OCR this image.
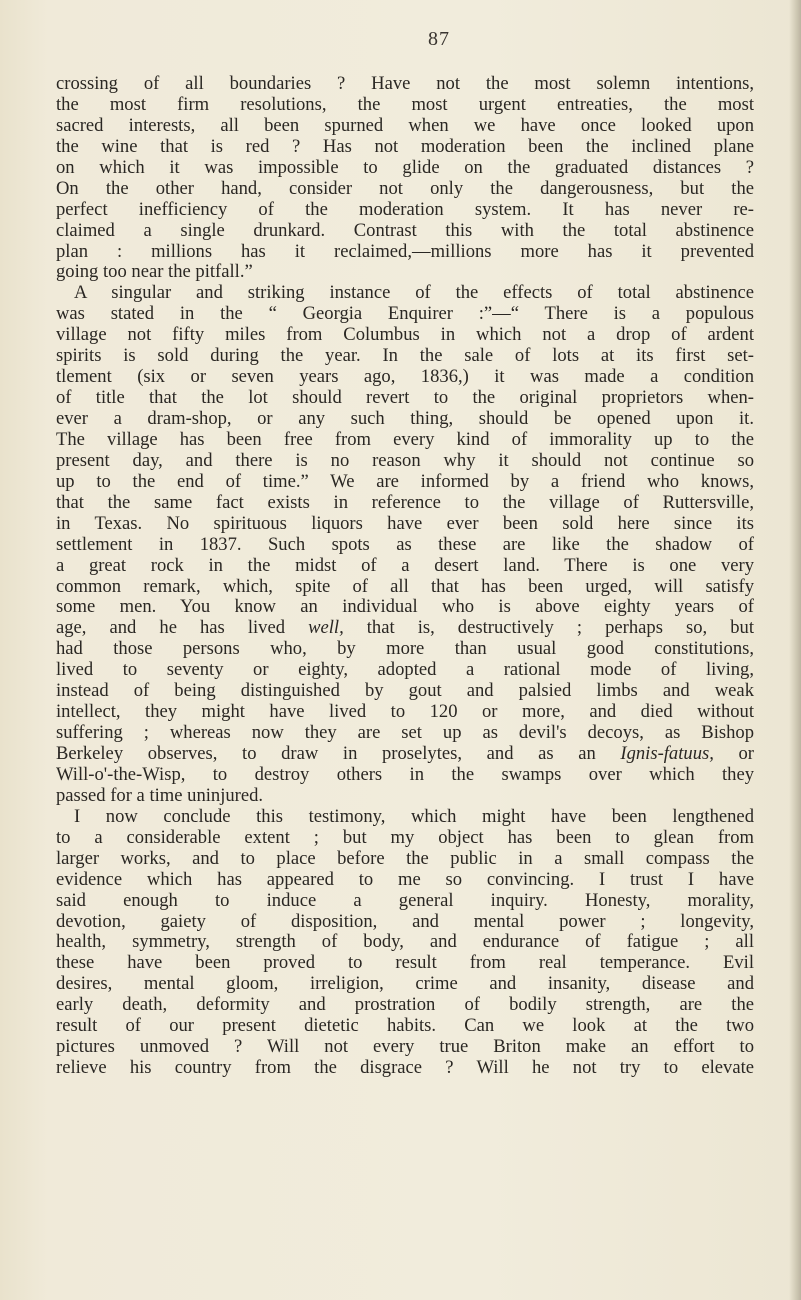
87
crossing of all boundaries ? Have not the most solemn intentions,
the most firm resolutions, the most urgent entreaties, the most
sacred interests, all been spurned when we have once looked upon
the wine that is red ? Has not moderation been the inclined plane
on which it was impossible to glide on the graduated distances ?
On the other hand, consider not only the dangerousness, but the
perfect inefficiency of the moderation system. It has never re-
claimed a single drunkard. Contrast this with the total abstinence
plan : millions has it reclaimed,—millions more has it prevented
going too near the pitfall.”
A singular and striking instance of the effects of total abstinence
was stated in the “ Georgia Enquirer :”—“ There is a populous
village not fifty miles from Columbus in which not a drop of ardent
spirits is sold during the year. In the sale of lots at its first set-
tlement (six or seven years ago, 1836,) it was made a condition
of title that the lot should revert to the original proprietors when-
ever a dram-shop, or any such thing, should be opened upon it.
The village has been free from every kind of immorality up to the
present day, and there is no reason why it should not continue so
up to the end of time.” We are informed by a friend who knows,
that the same fact exists in reference to the village of Ruttersville,
in Texas. No spirituous liquors have ever been sold here since its
settlement in 1837. Such spots as these are like the shadow of
a great rock in the midst of a desert land. There is one very
common remark, which, spite of all that has been urged, will satisfy
some men. You know an individual who is above eighty years of
age, and he has lived well, that is, destructively ; perhaps so, but
had those persons who, by more than usual good constitutions,
lived to seventy or eighty, adopted a rational mode of living,
instead of being distinguished by gout and palsied limbs and weak
intellect, they might have lived to 120 or more, and died without
suffering ; whereas now they are set up as devil's decoys, as Bishop
Berkeley observes, to draw in proselytes, and as an Ignis-fatuus, or
Will-o'-the-Wisp, to destroy others in the swamps over which they
passed for a time uninjured.
I now conclude this testimony, which might have been lengthened
to a considerable extent ; but my object has been to glean from
larger works, and to place before the public in a small compass the
evidence which has appeared to me so convincing. I trust I have
said enough to induce a general inquiry. Honesty, morality,
devotion, gaiety of disposition, and mental power ; longevity,
health, symmetry, strength of body, and endurance of fatigue ; all
these have been proved to result from real temperance. Evil
desires, mental gloom, irreligion, crime and insanity, disease and
early death, deformity and prostration of bodily strength, are the
result of our present dietetic habits. Can we look at the two
pictures unmoved ? Will not every true Briton make an effort to
relieve his country from the disgrace ? Will he not try to elevate
